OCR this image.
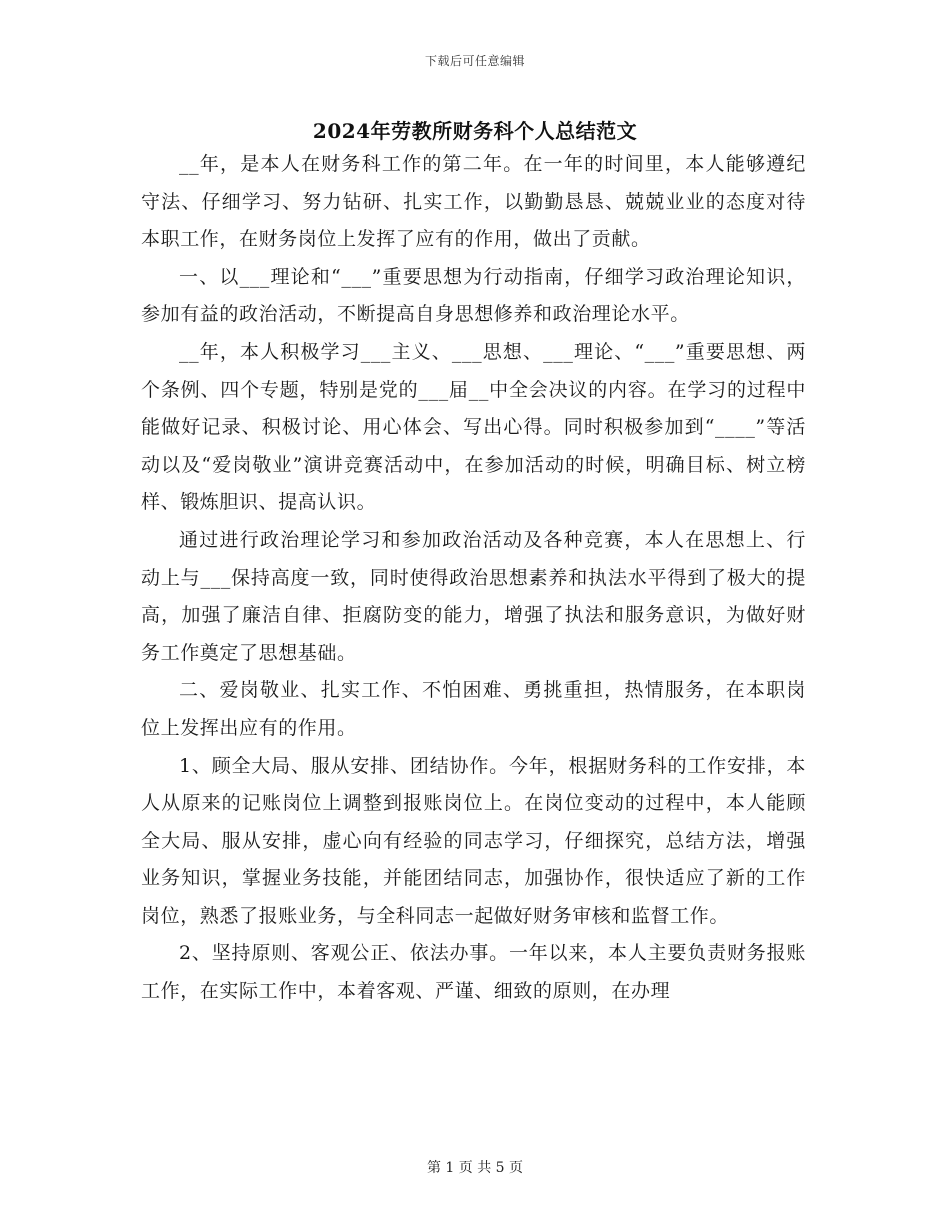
下载后可任意编辑
2024年劳教所财务科个人总结范文

__年，是本人在财务科工作的第二年。在一年的时间里，本人能够遵纪守法、仔细学习、努力钻研、扎实工作，以勤勤恳恳、兢兢业业的态度对待本职工作，在财务岗位上发挥了应有的作用，做出了贡献。

一、以___理论和“___”重要思想为行动指南，仔细学习政治理论知识，参加有益的政治活动，不断提高自身思想修养和政治理论水平。

__年，本人积极学习___主义、___思想、___理论、“___”重要思想、两个条例、四个专题，特别是党的___届__中全会决议的内容。在学习的过程中能做好记录、积极讨论、用心体会、写出心得。同时积极参加到“____”等活动以及“爱岗敬业”演讲竞赛活动中，在参加活动的时候，明确目标、树立榜样、锻炼胆识、提高认识。

通过进行政治理论学习和参加政治活动及各种竞赛，本人在思想上、行动上与___保持高度一致，同时使得政治思想素养和执法水平得到了极大的提高，加强了廉洁自律、拒腐防变的能力，增强了执法和服务意识，为做好财务工作奠定了思想基础。

二、爱岗敬业、扎实工作、不怕困难、勇挑重担，热情服务，在本职岗位上发挥出应有的作用。

1、顾全大局、服从安排、团结协作。今年，根据财务科的工作安排，本人从原来的记账岗位上调整到报账岗位上。在岗位变动的过程中，本人能顾全大局、服从安排，虚心向有经验的同志学习，仔细探究，总结方法，增强业务知识，掌握业务技能，并能团结同志，加强协作，很快适应了新的工作岗位，熟悉了报账业务，与全科同志一起做好财务审核和监督工作。

2、坚持原则、客观公正、依法办事。一年以来，本人主要负责财务报账工作，在实际工作中，本着客观、严谨、细致的原则，在办理

第 1 页 共 5 页
